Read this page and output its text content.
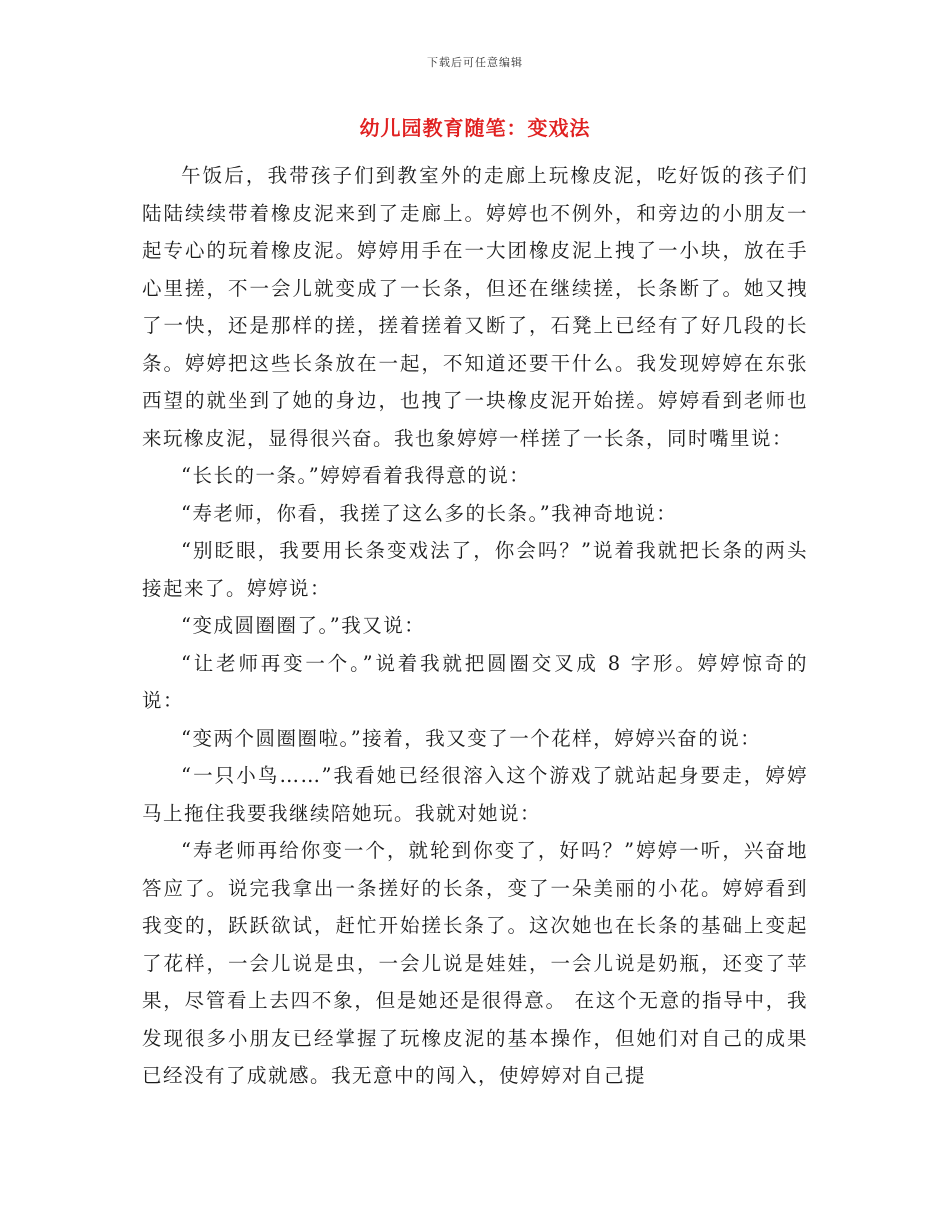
下载后可任意编辑
幼儿园教育随笔：变戏法

午饭后，我带孩子们到教室外的走廊上玩橡皮泥，吃好饭的孩子们陆陆续续带着橡皮泥来到了走廊上。婷婷也不例外，和旁边的小朋友一起专心的玩着橡皮泥。婷婷用手在一大团橡皮泥上拽了一小块，放在手心里搓，不一会儿就变成了一长条，但还在继续搓，长条断了。她又拽了一快，还是那样的搓，搓着搓着又断了，石凳上已经有了好几段的长条。婷婷把这些长条放在一起，不知道还要干什么。我发现婷婷在东张西望的就坐到了她的身边，也拽了一块橡皮泥开始搓。婷婷看到老师也来玩橡皮泥，显得很兴奋。我也象婷婷一样搓了一长条，同时嘴里说：

“长长的一条。”婷婷看着我得意的说：

“寿老师，你看，我搓了这么多的长条。”我神奇地说：

“别眨眼，我要用长条变戏法了，你会吗？”说着我就把长条的两头接起来了。婷婷说：

“变成圆圈圈了。”我又说：

“让老师再变一个。”说着我就把圆圈交叉成 8 字形。婷婷惊奇的说：

“变两个圆圈圈啦。”接着，我又变了一个花样，婷婷兴奋的说：

“一只小鸟……”我看她已经很溶入这个游戏了就站起身要走，婷婷马上拖住我要我继续陪她玩。我就对她说：

“寿老师再给你变一个，就轮到你变了，好吗？”婷婷一听，兴奋地答应了。说完我拿出一条搓好的长条，变了一朵美丽的小花。婷婷看到我变的，跃跃欲试，赶忙开始搓长条了。这次她也在长条的基础上变起了花样，一会儿说是虫，一会儿说是娃娃，一会儿说是奶瓶，还变了苹果，尽管看上去四不象，但是她还是很得意。 在这个无意的指导中，我发现很多小朋友已经掌握了玩橡皮泥的基本操作，但她们对自己的成果已经没有了成就感。我无意中的闯入，使婷婷对自己提
